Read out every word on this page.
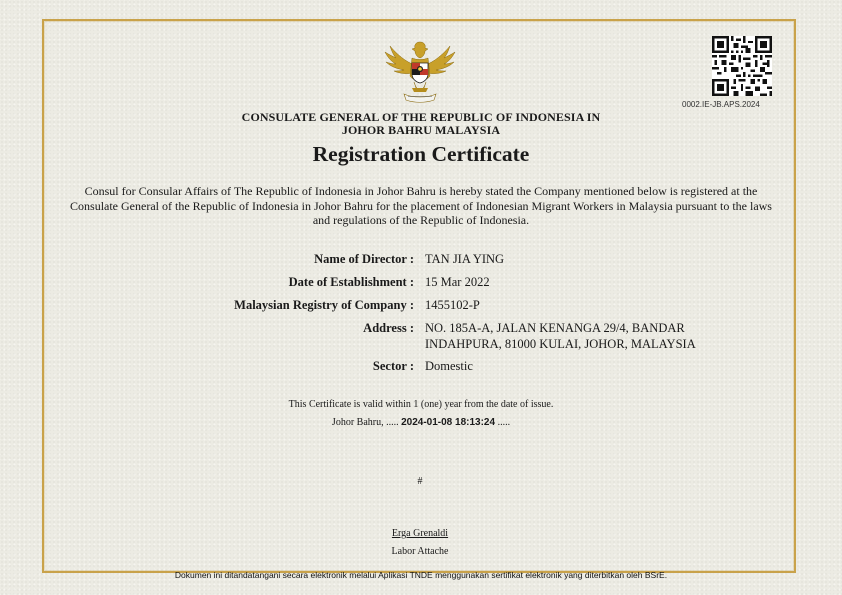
0002.IE-JB.APS.2024
CONSULATE GENERAL OF THE REPUBLIC OF INDONESIA IN
JOHOR BAHRU MALAYSIA
Registration Certificate
Consul for Consular Affairs of The Republic of Indonesia in Johor Bahru is hereby stated the Company mentioned below is registered at the Consulate General of the Republic of Indonesia in Johor Bahru for the placement of Indonesian Migrant Workers in Malaysia pursuant to the laws and regulations of the Republic of Indonesia.
Name of Director : TAN JIA YING
Date of Establishment : 15 Mar 2022
Malaysian Registry of Company : 1455102-P
Address : NO. 185A-A, JALAN KENANGA 29/4, BANDAR INDAHPURA, 81000 KULAI, JOHOR, MALAYSIA
Sector : Domestic
This Certificate is valid within 1 (one) year from the date of issue.
Johor Bahru, ..... 2024-01-08 18:13:24 .....
#
Erga Grenaldi
Labor Attache
Dokumen ini ditandatangani secara elektronik melalui Aplikasi TNDE menggunakan sertifikat elektronik yang diterbitkan oleh BSrE.
